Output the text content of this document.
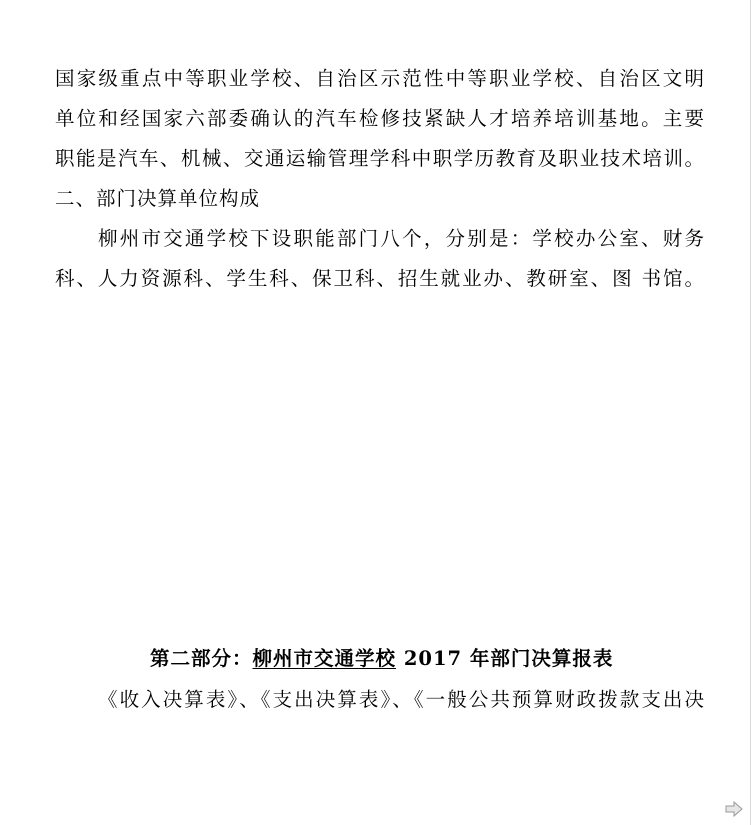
国家级重点中等职业学校、自治区示范性中等职业学校、自治区文明
单位和经国家六部委确认的汽车检修技紧缺人才培养培训基地。主要
职能是汽车、机械、交通运输管理学科中职学历教育及职业技术培训。
二、部门决算单位构成
柳州市交通学校下设职能部门八个，分别是：学校办公室、财务
科、人力资源科、学生科、保卫科、招生就业办、教研室、图 书馆。
第二部分：柳州市交通学校 2017 年部门决算报表
《收入决算表》、《支出决算表》、《一般公共预算财政拨款支出决
